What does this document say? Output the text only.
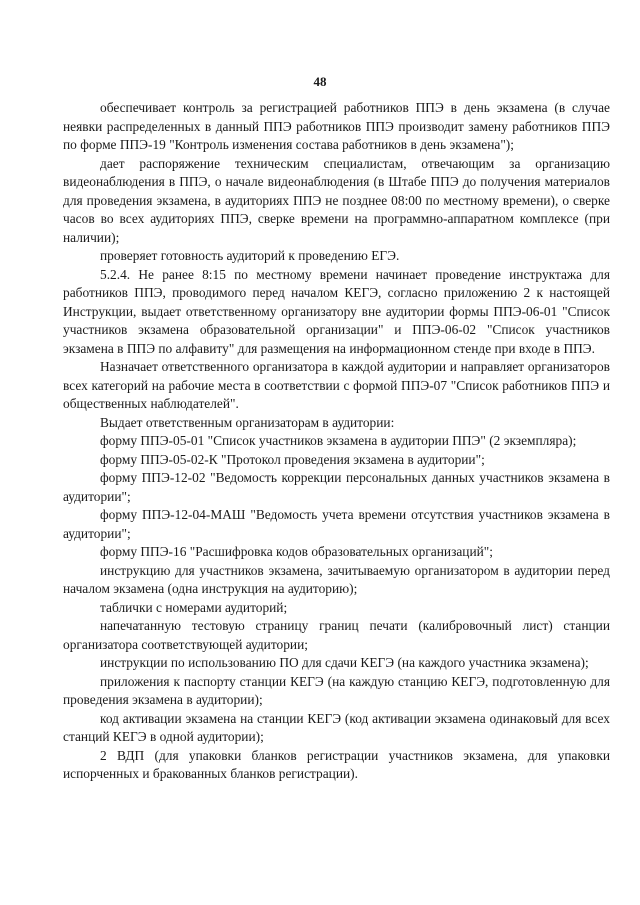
48

обеспечивает контроль за регистрацией работников ППЭ в день экзамена (в случае неявки распределенных в данный ППЭ работников ППЭ производит замену работников ППЭ по форме ППЭ-19 "Контроль изменения состава работников в день экзамена");

дает распоряжение техническим специалистам, отвечающим за организацию видеонаблюдения в ППЭ, о начале видеонаблюдения (в Штабе ППЭ до получения материалов для проведения экзамена, в аудиториях ППЭ не позднее 08:00 по местному времени), о сверке часов во всех аудиториях ППЭ, сверке времени на программно-аппаратном комплексе (при наличии);

проверяет готовность аудиторий к проведению ЕГЭ.

5.2.4. Не ранее 8:15 по местному времени начинает проведение инструктажа для работников ППЭ, проводимого перед началом КЕГЭ, согласно приложению 2 к настоящей Инструкции, выдает ответственному организатору вне аудитории формы ППЭ-06-01 "Список участников экзамена образовательной организации" и ППЭ-06-02 "Список участников экзамена в ППЭ по алфавиту" для размещения на информационном стенде при входе в ППЭ.

Назначает ответственного организатора в каждой аудитории и направляет организаторов всех категорий на рабочие места в соответствии с формой ППЭ-07 "Список работников ППЭ и общественных наблюдателей".

Выдает ответственным организаторам в аудитории:

форму ППЭ-05-01 "Список участников экзамена в аудитории ППЭ" (2 экземпляра);

форму ППЭ-05-02-К "Протокол проведения экзамена в аудитории";

форму ППЭ-12-02 "Ведомость коррекции персональных данных участников экзамена в аудитории";

форму ППЭ-12-04-МАШ "Ведомость учета времени отсутствия участников экзамена в аудитории";

форму ППЭ-16 "Расшифровка кодов образовательных организаций";

инструкцию для участников экзамена, зачитываемую организатором в аудитории перед началом экзамена (одна инструкция на аудиторию);

таблички с номерами аудиторий;

напечатанную тестовую страницу границ печати (калибровочный лист) станции организатора соответствующей аудитории;

инструкции по использованию ПО для сдачи КЕГЭ (на каждого участника экзамена);

приложения к паспорту станции КЕГЭ (на каждую станцию КЕГЭ, подготовленную для проведения экзамена в аудитории);

код активации экзамена на станции КЕГЭ (код активации экзамена одинаковый для всех станций КЕГЭ в одной аудитории);

2 ВДП (для упаковки бланков регистрации участников экзамена, для упаковки испорченных и бракованных бланков регистрации).
